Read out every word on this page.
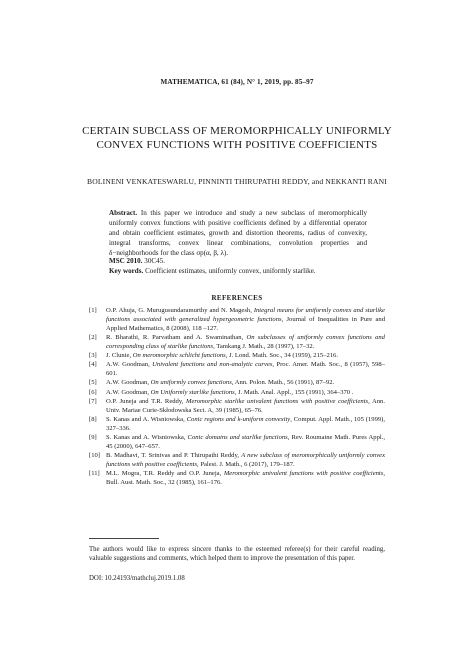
MATHEMATICA, 61 (84), N° 1, 2019, pp. 85–97
CERTAIN SUBCLASS OF MEROMORPHICALLY UNIFORMLY CONVEX FUNCTIONS WITH POSITIVE COEFFICIENTS
BOLINENI VENKATESWARLU, PINNINTI THIRUPATHI REDDY, and NEKKANTI RANI
Abstract. In this paper we introduce and study a new subclass of meromorphically uniformly convex functions with positive coefficients defined by a differential operator and obtain coefficient estimates, growth and distortion theorems, radius of convexity, integral transforms, convex linear combinations, convolution properties and δ−neighborhoods for the class σp(α, β, λ).
MSC 2010. 30C45.
Key words. Coefficient estimates, uniformly convex, uniformly starlike.
REFERENCES
[1] O.P. Ahuja, G. Murugusundaramurthy and N. Magesh, Integral means for uniformly convex and starlike functions associated with generalized hypergeometric functions, Journal of Inequalities in Pure and Applied Mathematics, 8 (2008), 118 –127.
[2] R. Bharathi, R. Parvatham and A. Swaminathan, On subclasses of uniformly convex functions and corresponding class of starlike functions, Tamkang J. Math., 28 (1997), 17–32.
[3] J. Clunie, On meromorphic schlicht functions, J. Lond. Math. Soc., 34 (1959), 215–216.
[4] A.W. Goodman, Univalent functions and non-analytic curves, Proc. Amer. Math. Soc., 8 (1957), 598–601.
[5] A.W. Goodman, On uniformly convex functions, Ann. Polon. Math., 56 (1991), 87–92.
[6] A.W. Goodman, On Uniformly starlike functions, J. Math. Anal. Appl., 155 (1991), 364–370 .
[7] O.P. Juneja and T.R. Reddy, Meromorphic starlike univalent functions with positive coefficients, Ann. Univ. Mariae Curie-Skłodowska Sect. A, 39 (1985), 65–76.
[8] S. Kanas and A. Wisniowska, Conic regions and k-uniform convexity, Comput. Appl. Math., 105 (1999), 327–336.
[9] S. Kanas and A. Wisniowska, Conic domains and starlike functions, Rev. Roumaine Math. Pures Appl., 45 (2000), 647–657.
[10] B. Madhavi, T. Srinivas and P. Thirupathi Reddy, A new subclass of meromorphically uniformly convex functions with positive coefficients, Palest. J. Math., 6 (2017), 179–187.
[11] M.L. Mogra, T.R. Reddy and O.P. Juneja, Meromorphic univalent functions with positive coefficients, Bull. Aust. Math. Soc., 32 (1985), 161–176.
The authors would like to express sincere thanks to the esteemed referee(s) for their careful reading, valuable suggestions and comments, which helped them to improve the presentation of this paper.
DOI: 10.24193/mathcluj.2019.1.08
